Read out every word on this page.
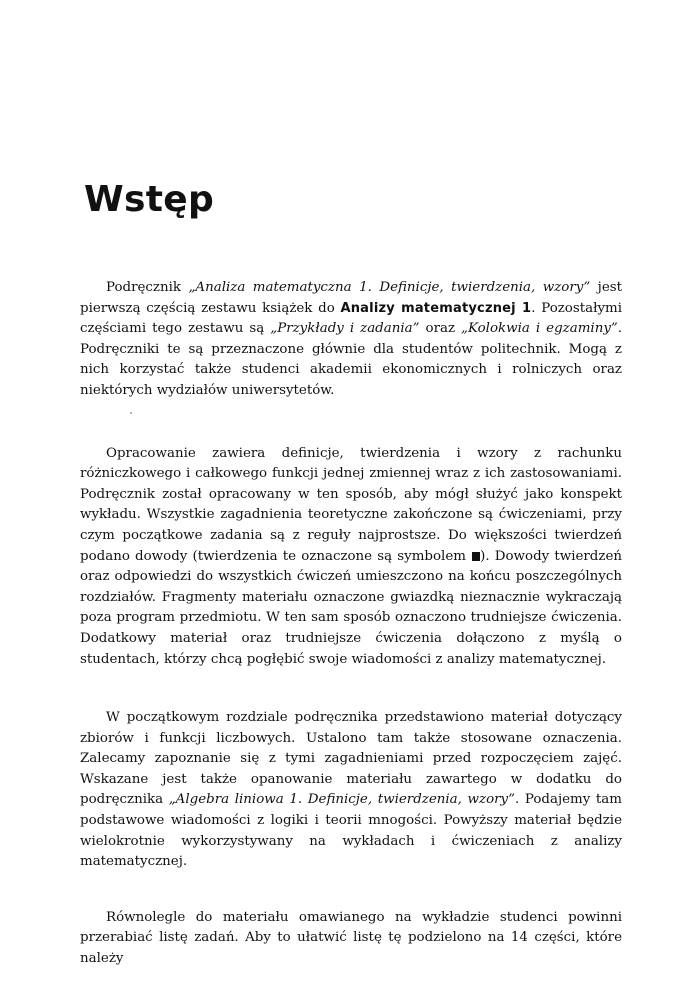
Wstęp

Podręcznik „Analiza matematyczna 1. Definicje, twierdzenia, wzory” jest pierwszą częścią zestawu książek do Analizy matematycznej 1. Pozostałymi częściami tego zestawu są „Przykłady i zadania” oraz „Kolokwia i egzaminy”. Podręczniki te są przeznaczone głównie dla studentów politechnik. Mogą z nich korzystać także studenci akademii ekonomicznych i rolniczych oraz niektórych wydziałów uniwersytetów.

Opracowanie zawiera definicje, twierdzenia i wzory z rachunku różniczkowego i całkowego funkcji jednej zmiennej wraz z ich zastosowaniami. Podręcznik został opracowany w ten sposób, aby mógł służyć jako konspekt wykładu. Wszystkie zagadnienia teoretyczne zakończone są ćwiczeniami, przy czym początkowe zadania są z reguły najprostsze. Do większości twierdzeń podano dowody (twierdzenia te oznaczone są symbolem ). Dowody twierdzeń oraz odpowiedzi do wszystkich ćwiczeń umieszczono na końcu poszczególnych rozdziałów. Fragmenty materiału oznaczone gwiazdką nieznacznie wykraczają poza program przedmiotu. W ten sam sposób oznaczono trudniejsze ćwiczenia. Dodatkowy materiał oraz trudniejsze ćwiczenia dołączono z myślą o studentach, którzy chcą pogłębić swoje wiadomości z analizy matematycznej.

W początkowym rozdziale podręcznika przedstawiono materiał dotyczący zbiorów i funkcji liczbowych. Ustalono tam także stosowane oznaczenia. Zalecamy zapoznanie się z tymi zagadnieniami przed rozpoczęciem zajęć. Wskazane jest także opanowanie materiału zawartego w dodatku do podręcznika „Algebra liniowa 1. Definicje, twierdzenia, wzory”. Podajemy tam podstawowe wiadomości z logiki i teorii mnogości. Powyższy materiał będzie wielokrotnie wykorzystywany na wykładach i ćwiczeniach z analizy matematycznej.

Równolegle do materiału omawianego na wykładzie studenci powinni przerabiać listę zadań. Aby to ułatwić listę tę podzielono na 14 części, które należy
